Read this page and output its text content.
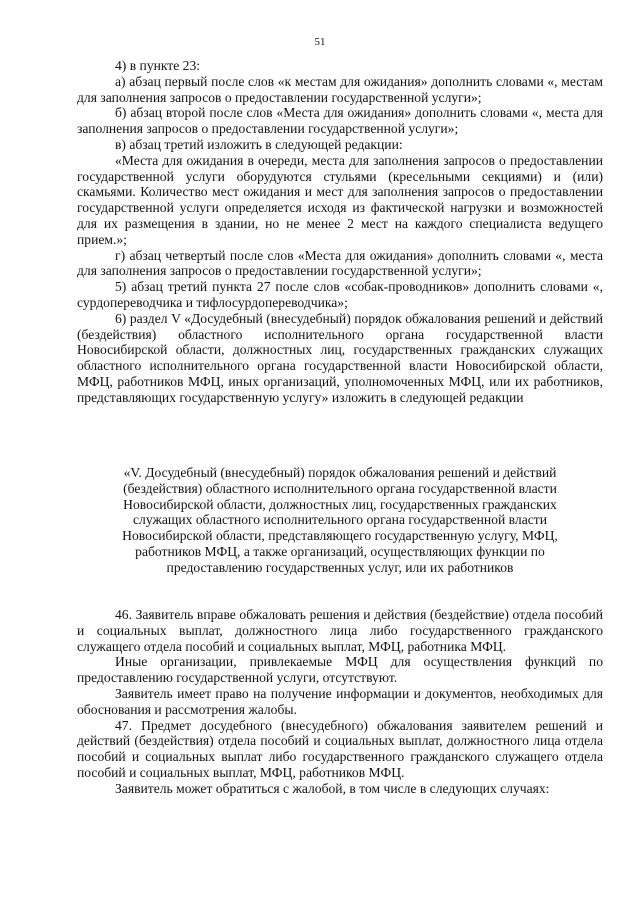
51

4) в пункте 23:

а) абзац первый после слов «к местам для ожидания» дополнить словами «, местам для заполнения запросов о предоставлении государственной услуги»;

б) абзац второй после слов «Места для ожидания» дополнить словами «, места для заполнения запросов о предоставлении государственной услуги»;

в) абзац третий изложить в следующей редакции:

«Места для ожидания в очереди, места для заполнения запросов о предоставлении государственной услуги оборудуются стульями (кресельными секциями) и (или) скамьями. Количество мест ожидания и мест для заполнения запросов о предоставлении государственной услуги определяется исходя из фактической нагрузки и возможностей для их размещения в здании, но не менее 2 мест на каждого специалиста ведущего прием.»;

г) абзац четвертый после слов «Места для ожидания» дополнить словами «, места для заполнения запросов о предоставлении государственной услуги»;

5) абзац третий пункта 27 после слов «собак-проводников» дополнить словами «, сурдопереводчика и тифлосурдопереводчика»;

6) раздел V «Досудебный (внесудебный) порядок обжалования решений и действий (бездействия) областного исполнительного органа государственной власти Новосибирской области, должностных лиц, государственных гражданских служащих областного исполнительного органа государственной власти Новосибирской области, МФЦ, работников МФЦ, иных организаций, уполномоченных МФЦ, или их работников, представляющих государственную услугу» изложить в следующей редакции

«V. Досудебный (внесудебный) порядок обжалования решений и действий
(бездействия) областного исполнительного органа государственной власти
Новосибирской области, должностных лиц, государственных гражданских
служащих областного исполнительного органа государственной власти
Новосибирской области, представляющего государственную услугу, МФЦ,
работников МФЦ, а также организаций, осуществляющих функции по
предоставлению государственных услуг, или их работников

46. Заявитель вправе обжаловать решения и действия (бездействие) отдела пособий и социальных выплат, должностного лица либо государственного гражданского служащего отдела пособий и социальных выплат, МФЦ, работника МФЦ.

Иные организации, привлекаемые МФЦ для осуществления функций по предоставлению государственной услуги, отсутствуют.

Заявитель имеет право на получение информации и документов, необходимых для обоснования и рассмотрения жалобы.

47. Предмет досудебного (внесудебного) обжалования заявителем решений и действий (бездействия) отдела пособий и социальных выплат, должностного лица отдела пособий и социальных выплат либо государственного гражданского служащего отдела пособий и социальных выплат, МФЦ, работников МФЦ.

Заявитель может обратиться с жалобой, в том числе в следующих случаях:
